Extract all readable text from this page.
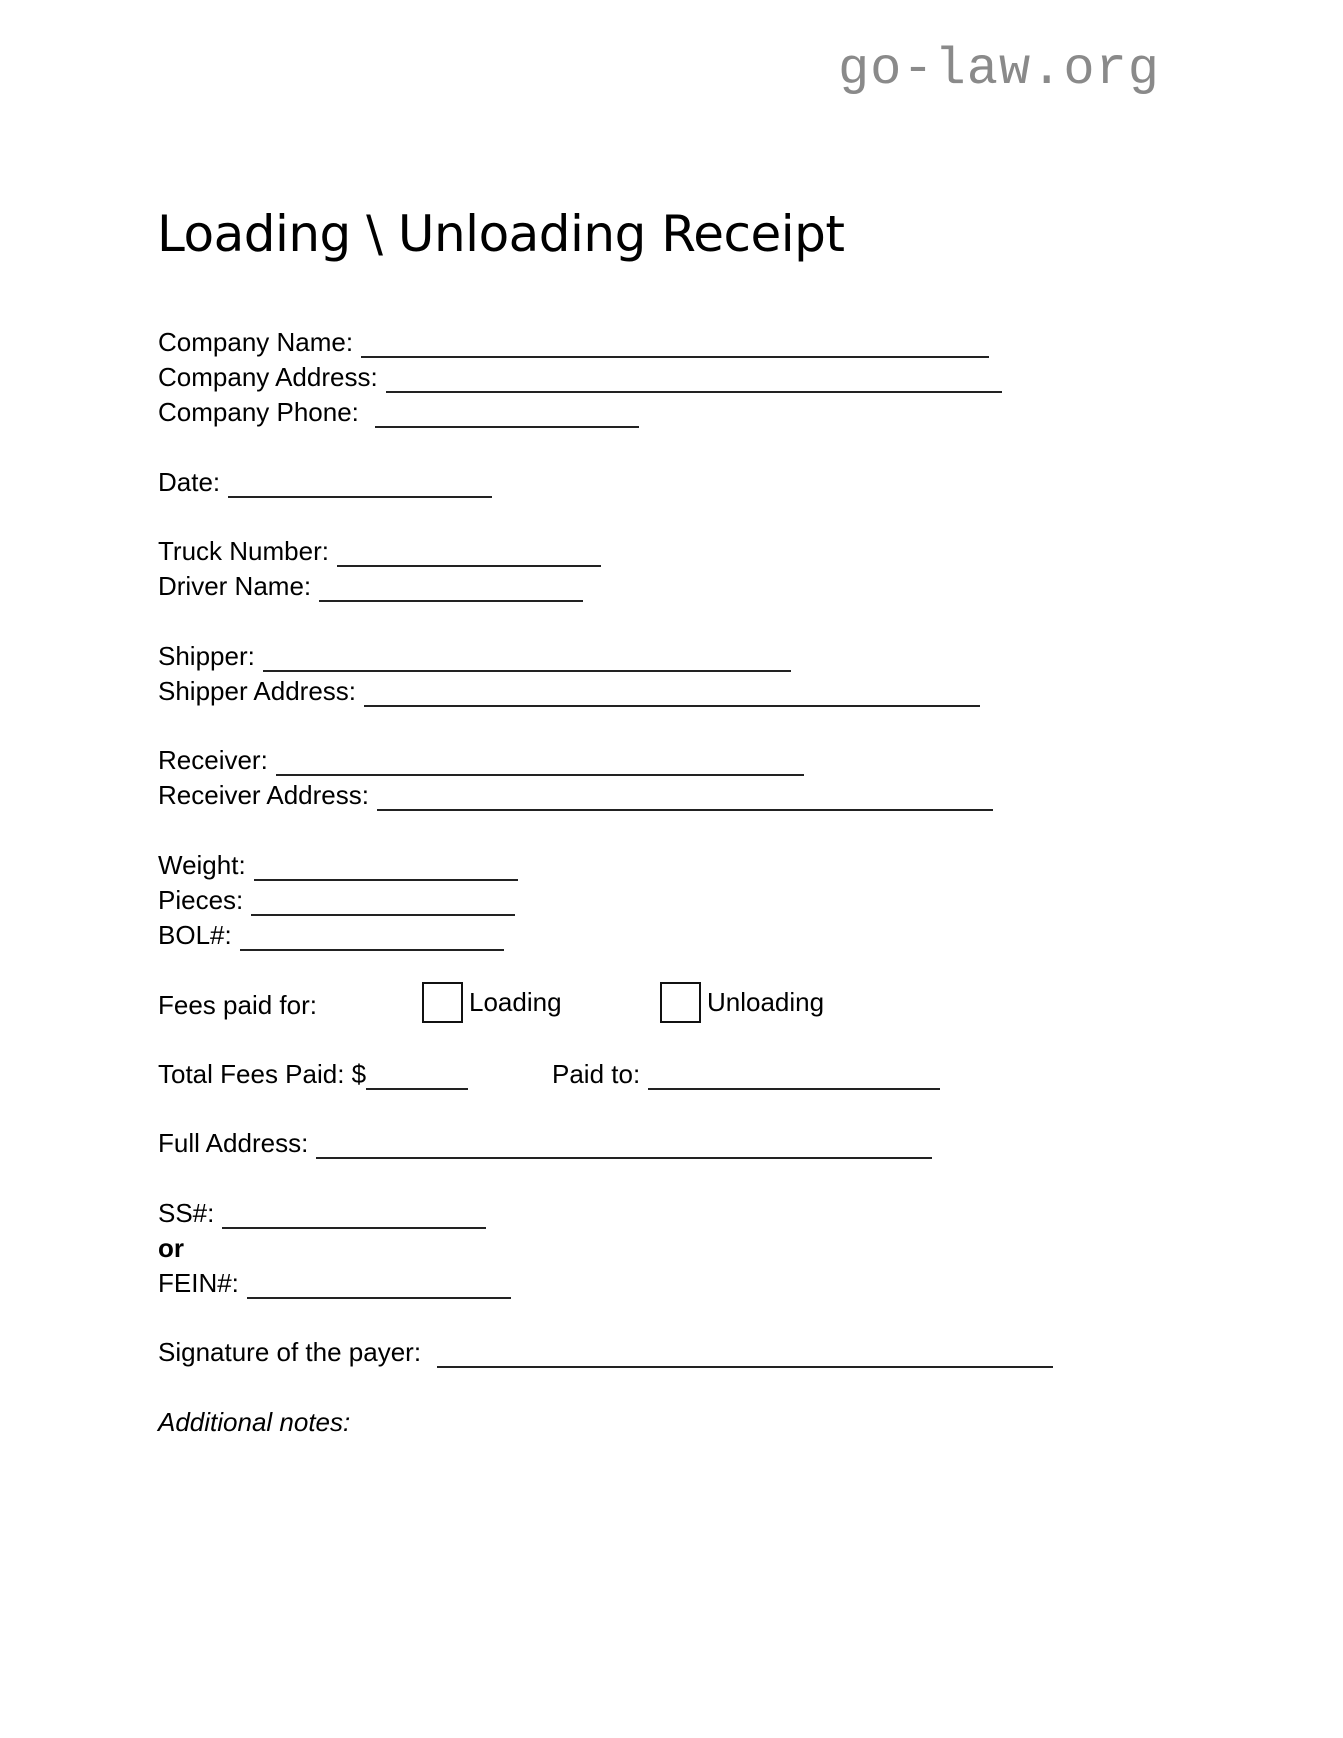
go-law.org
Loading \ Unloading Receipt
Company Name:
Company Address:
Company Phone:
Date:
Truck Number:
Driver Name:
Shipper:
Shipper Address:
Receiver:
Receiver Address:
Weight:
Pieces:
BOL#:
Fees paid for:	Loading	Unloading
Total Fees Paid: $	Paid to:
Full Address:
SS#:
or
FEIN#:
Signature of the payer:
Additional notes:
